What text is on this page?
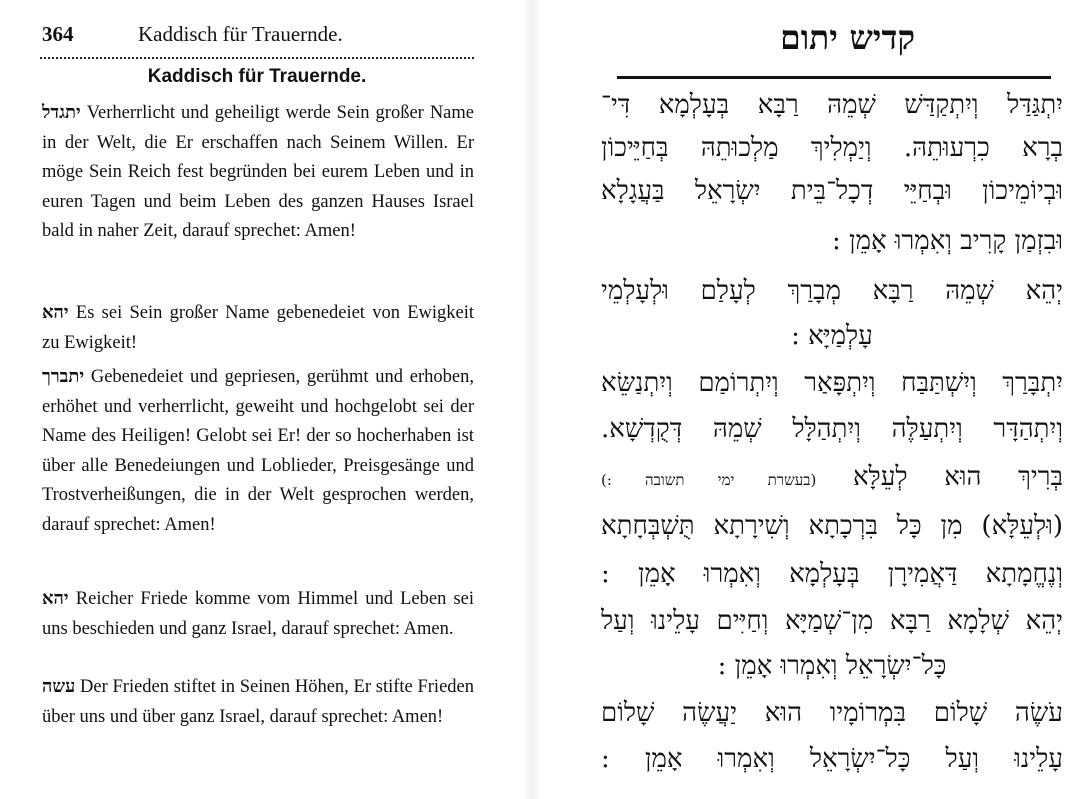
364	Kaddisch für Trauernde.
Kaddisch für Trauernde.

יתגדל Verherrlicht und geheiligt werde Sein großer Name in der Welt, die Er erschaffen nach Seinem Willen. Er möge Sein Reich fest begründen bei eurem Leben und in euren Tagen und beim Leben des ganzen Hauses Israel bald in naher Zeit, darauf sprechet: Amen!

יהא Es sei Sein großer Name gebenedeiet von Ewigkeit zu Ewigkeit!

יתברך Gebenedeiet und gepriesen, gerühmt und erhoben, erhöhet und verherrlicht, geweiht und hochgelobt sei der Name des Heiligen! Gelobt sei Er! der so hocherhaben ist über alle Benedeiungen und Loblieder, Preisgesänge und Trostverheißungen, die in der Welt gesprochen werden, darauf sprechet: Amen!

יהא Reicher Friede komme vom Himmel und Leben sei uns beschieden und ganz Israel, darauf sprechet: Amen.

עשה Der Frieden stiftet in Seinen Höhen, Er stifte Frieden über uns und über ganz Israel, darauf sprechet: Amen!

קדיש יתום
יִתְגַּדַּל וְיִתְקַדַּשׁ שְׁמֵהּ רַבָּא בְּעָלְמָא דִּי־
בְרָא כִרְעוּתֵהּ. וְיַמְלִיךְ מַלְכוּתֵהּ בְּחַיֵּיכוֹן
וּבְיוֹמֵיכוֹן וּבְחַיֵּי דְכָל־בֵּית יִשְׂרָאֵל בַּעֲגָלָא
וּבִזְמַן קָרִיב וְאִמְרוּ אָמֵן :
יְהֵא שְׁמֵהּ רַבָּא מְבָרַךְ לְעָלַם וּלְעָלְמֵי
עָלְמַיָּא :
יִתְבָּרַךְ וְיִשְׁתַּבַּח וְיִתְפָּאַר וְיִתְרוֹמַם וְיִתְנַשֵּׂא
וְיִתְהַדָּר וְיִתְעַלֶּה וְיִתְהַלָּל שְׁמֵהּ דְּקֻדְשָׁא.
בְּרִיךְ הוּא לְעֵלָּא (בעשרת ימי תשובה :)
(וּלְעֵלָּא) מִן כָּל בִּרְכָתָא וְשִׁירָתָא תֻּשְׁבְּחָתָא
וְנֶחֱמָתָא דַּאֲמִירָן בְּעָלְמָא וְאִמְרוּ אָמֵן :
יְהֵא שְׁלָמָא רַבָּא מִן־שְׁמַיָּא וְחַיִּים עָלֵינוּ וְעַל
כָּל־יִשְׂרָאֵל וְאִמְרוּ אָמֵן :
עֹשֶׂה שָׁלוֹם בִּמְרוֹמָיו הוּא יַעֲשֶׂה שָׁלוֹם
עָלֵינוּ וְעַל כָּל־יִשְׂרָאֵל וְאִמְרוּ אָמֵן :
